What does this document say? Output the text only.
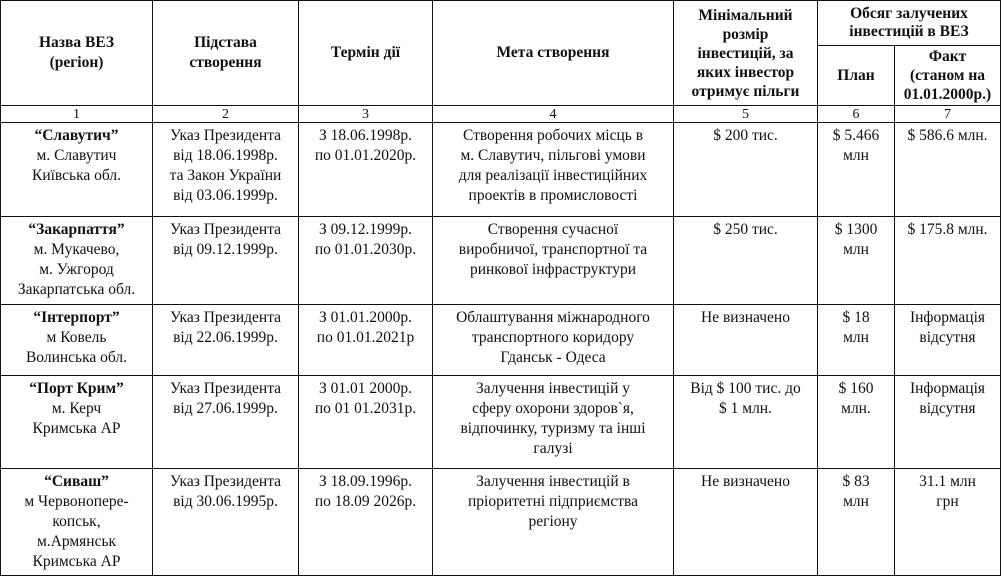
Назва ВЕЗ
(регіон)	Підстава
створення	Термін дії	Мета створення	Мінімальний
розмір
інвестицій, за
яких інвестор
отримує пільги	Обсяг залучених
інвестицій в ВЕЗ	

					План	Факт
(станом на
01.01.2000р.)

1	2	3	4	5	6	7

“Славутич”
м. Славутич
Київська обл.	Указ Президента
від 18.06.1998р.
та Закон України
від 03.06.1999р.	З 18.06.1998р.
по 01.01.2020р.	Створення робочих місць в
м. Славутич, пільгові умови
для реалізації інвестиційних
проектів в промисловості	$ 200 тис.	$ 5.466
млн	$ 586.6 млн.

“Закарпаття”
м. Мукачево,
м. Ужгород
Закарпатська обл.	Указ Президента
від 09.12.1999р.	З 09.12.1999р.
по 01.01.2030р.	Створення сучасної
виробничої, транспортної та
ринкової інфраструктури	$ 250 тис.	$ 1300
млн	$ 175.8 млн.

“Інтерпорт”
м Ковель
Волинська обл.	Указ Президента
від 22.06.1999р.	З 01.01.2000р.
по 01.01.2021р	Облаштування міжнародного
транспортного коридору
Гданськ - Одеса	Не визначено	$ 18
млн	Інформація
відсутня

“Порт Крим”
м. Керч
Кримська АР	Указ Президента
від 27.06.1999р.	З 01.01 2000р.
по 01 01.2031р.	Залучення інвестицій у
сферу охорони здоров`я,
відпочинку, туризму та інші
галузі	Від $ 100 тис. до
$ 1 млн.	$ 160
млн.	Інформація
відсутня

“Сиваш”
м Червонопере-
копськ,
м.Армянськ
Кримська АР	Указ Президента
від 30.06.1995р.	З 18.09.1996р.
по 18.09 2026р.	Залучення інвестицій в
пріоритетні підприємства
регіону	Не визначено	$ 83
млн	31.1 млн
грн
